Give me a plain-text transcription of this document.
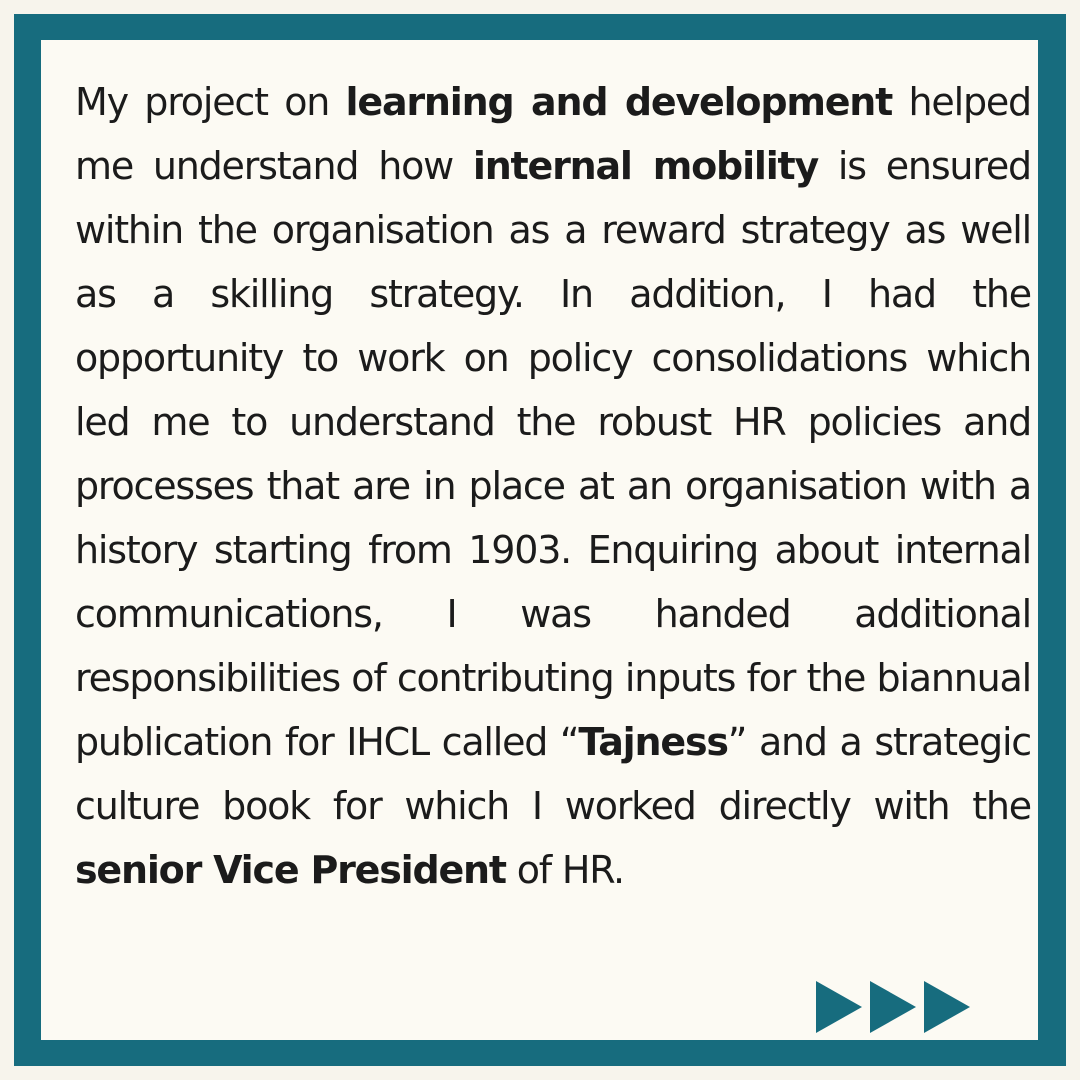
My project on learning and development helped me understand how internal mobility is ensured within the organisation as a reward strategy as well as a skilling strategy. In addition, I had the opportunity to work on policy consolidations which led me to understand the robust HR policies and processes that are in place at an organisation with a history starting from 1903. Enquiring about internal communications, I was handed additional responsibilities of contributing inputs for the biannual publication for IHCL called “Tajness” and a strategic culture book for which I worked directly with the senior Vice President of HR.
